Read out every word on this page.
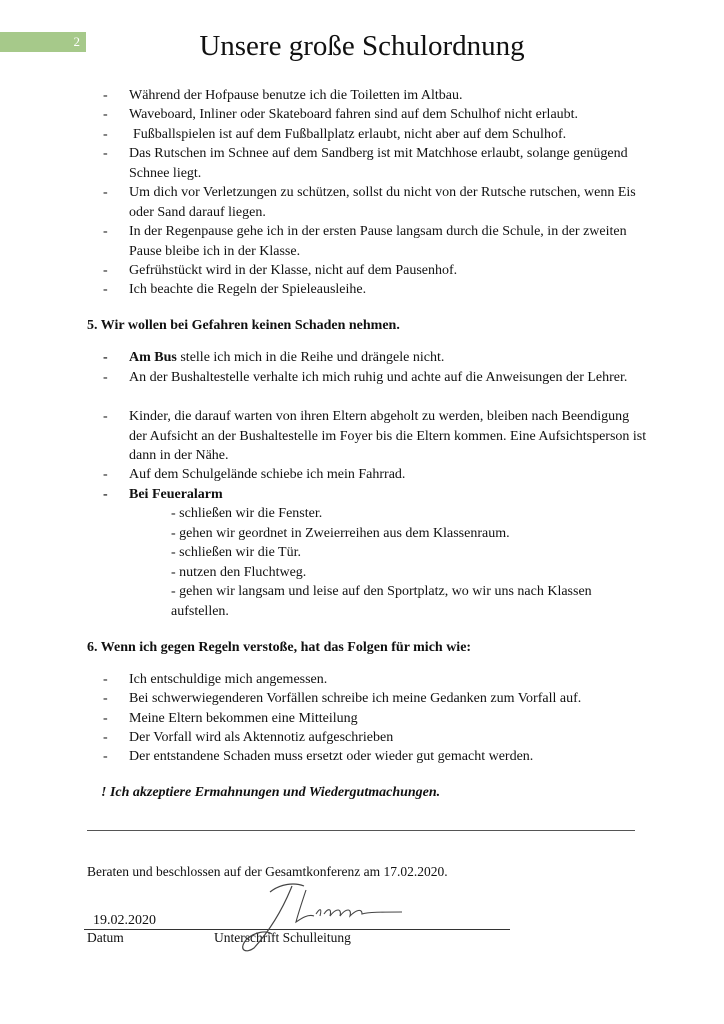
2	Unsere große Schulordnung
- Während der Hofpause benutze ich die Toiletten im Altbau.
- Waveboard, Inliner oder Skateboard fahren sind auf dem Schulhof nicht erlaubt.
- Fußballspielen ist auf dem Fußballplatz erlaubt, nicht aber auf dem Schulhof.
- Das Rutschen im Schnee auf dem Sandberg ist mit Matchhose erlaubt, solange genügend Schnee liegt.
- Um dich vor Verletzungen zu schützen, sollst du nicht von der Rutsche rutschen, wenn Eis oder Sand darauf liegen.
- In der Regenpause gehe ich in der ersten Pause langsam durch die Schule, in der zweiten Pause bleibe ich in der Klasse.
- Gefrühstückt wird in der Klasse, nicht auf dem Pausenhof.
- Ich beachte die Regeln der Spieleausleihe.
5. Wir wollen bei Gefahren keinen Schaden nehmen.
- Am Bus stelle ich mich in die Reihe und drängele nicht.
- An der Bushaltestelle verhalte ich mich ruhig und achte auf die Anweisungen der Lehrer.
- Kinder, die darauf warten von ihren Eltern abgeholt zu werden, bleiben nach Beendigung der Aufsicht an der Bushaltestelle im Foyer bis die Eltern kommen. Eine Aufsichtsperson ist dann in der Nähe.
- Auf dem Schulgelände schiebe ich mein Fahrrad.
- Bei Feueralarm
- schließen wir die Fenster.
- gehen wir geordnet in Zweierreihen aus dem Klassenraum.
- schließen wir die Tür.
- nutzen den Fluchtweg.
- gehen wir langsam und leise auf den Sportplatz, wo wir uns nach Klassen aufstellen.
6. Wenn ich gegen Regeln verstoße, hat das Folgen für mich wie:
- Ich entschuldige mich angemessen.
- Bei schwerwiegenderen Vorfällen schreibe ich meine Gedanken zum Vorfall auf.
- Meine Eltern bekommen eine Mitteilung
- Der Vorfall wird als Aktennotiz aufgeschrieben
- Der entstandene Schaden muss ersetzt oder wieder gut gemacht werden.
! Ich akzeptiere Ermahnungen und Wiedergutmachungen.
Beraten und beschlossen auf der Gesamtkonferenz am 17.02.2020.
19.02.2020
Datum	Unterschrift Schulleitung
